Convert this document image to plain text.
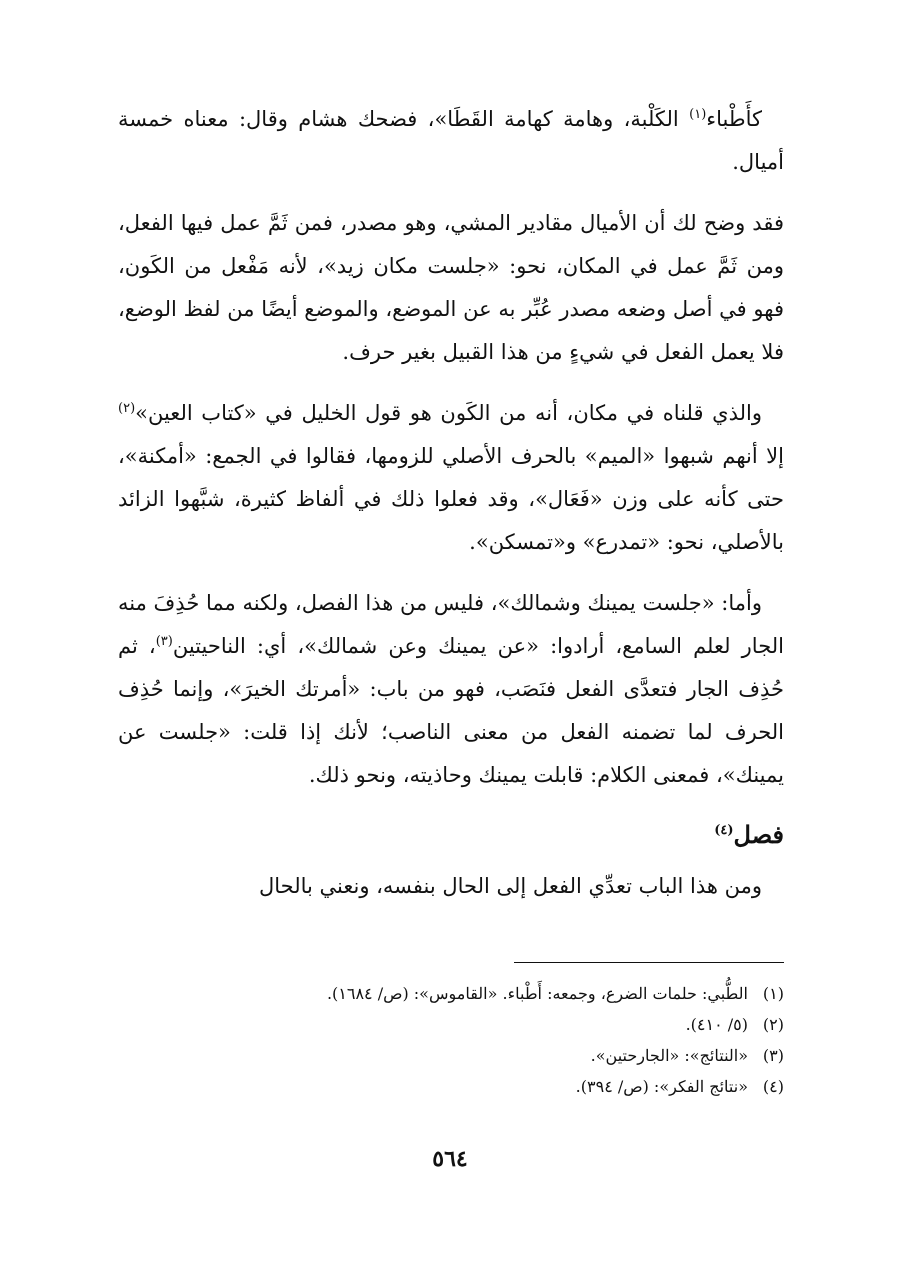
كأَطْباء$^{(١)}$ الكَلْبة، وهامة كهامة القَطَا»، فضحك هشام وقال: معناه خمسة أميال.

فقد وضح لك أن الأميال مقادير المشي، وهو مصدر، فمن ثَمَّ عمل فيها الفعل، ومن ثَمَّ عمل في المكان، نحو: «جلست مكان زيد»، لأنه مَفْعل من الكَون، فهو في أصل وضعه مصدر عُبِّر به عن الموضع، والموضع أيضًا من لفظ الوضع، فلا يعمل الفعل في شيءٍ من هذا القبيل بغير حرف.

والذي قلناه في مكان، أنه من الكَون هو قول الخليل في «كتاب العين»$^{(٢)}$ إلا أنهم شبهوا «الميم» بالحرف الأصلي للزومها، فقالوا في الجمع: «أمكنة»، حتى كأنه على وزن «فَعَال»، وقد فعلوا ذلك في ألفاظ كثيرة، شبَّهوا الزائد بالأصلي، نحو: «تمدرع» و«تمسكن».

وأما: «جلست يمينك وشمالك»، فليس من هذا الفصل، ولكنه مما حُذِفَ منه الجار لعلم السامع، أرادوا: «عن يمينك وعن شمالك»، أي: الناحيتين$^{(٣)}$، ثم حُذِف الجار فتعدَّى الفعل فنَصَب، فهو من باب: «أمرتك الخيرَ»، وإنما حُذِف الحرف لما تضمنه الفعل من معنى الناصب؛ لأنك إذا قلت: «جلست عن يمينك»، فمعنى الكلام: قابلت يمينك وحاذيته، ونحو ذلك.

فصل$^{(٤)}$

ومن هذا الباب تعدِّي الفعل إلى الحال بنفسه، ونعني بالحال

(١)الطُّبي: حلمات الضرع، وجمعه: أَطْباء. «القاموس»: (ص/ ١٦٨٤).

(٢)(٥/ ٤١٠).

(٣)«النتائج»: «الجارحتين».

(٤)«نتائج الفكر»: (ص/ ٣٩٤).

٥٦٤
